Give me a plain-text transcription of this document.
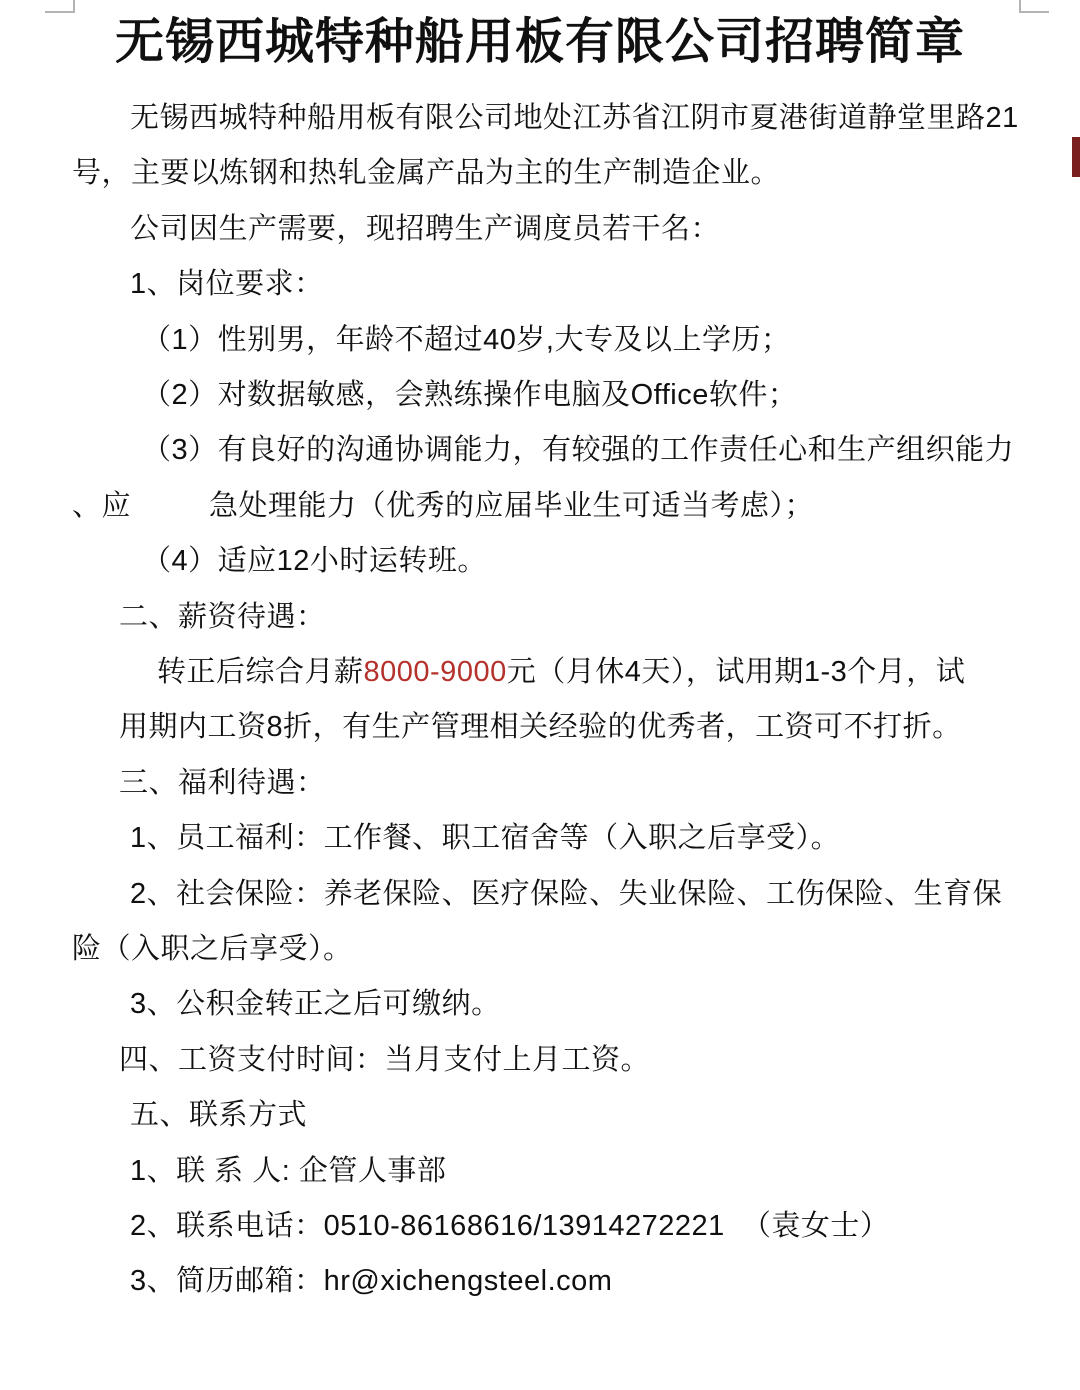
无锡西城特种船用板有限公司招聘简章

无锡西城特种船用板有限公司地处江苏省江阴市夏港街道静堂里路21

号，主要以炼钢和热轧金属产品为主的生产制造企业。

公司因生产需要，现招聘生产调度员若干名：

1、岗位要求：

（1）性别男，年龄不超过40岁,大专及以上学历；

（2）对数据敏感，会熟练操作电脑及Office软件；

（3）有良好的沟通协调能力，有较强的工作责任心和生产组织能力

、应	急处理能力（优秀的应届毕业生可适当考虑）；

（4）适应12小时运转班。

二、薪资待遇：

转正后综合月薪8000-9000元（月休4天），试用期1-3个月，试

用期内工资8折，有生产管理相关经验的优秀者，工资可不打折。

三、福利待遇：

1、员工福利：工作餐、职工宿舍等（入职之后享受）。

2、社会保险：养老保险、医疗保险、失业保险、工伤保险、生育保

险（入职之后享受）。

3、公积金转正之后可缴纳。

四、工资支付时间：当月支付上月工资。

五、联系方式

1、联 系 人: 企管人事部

2、联系电话：0510-86168616/13914272221  （袁女士）

3、简历邮箱：hr@xichengsteel.com
